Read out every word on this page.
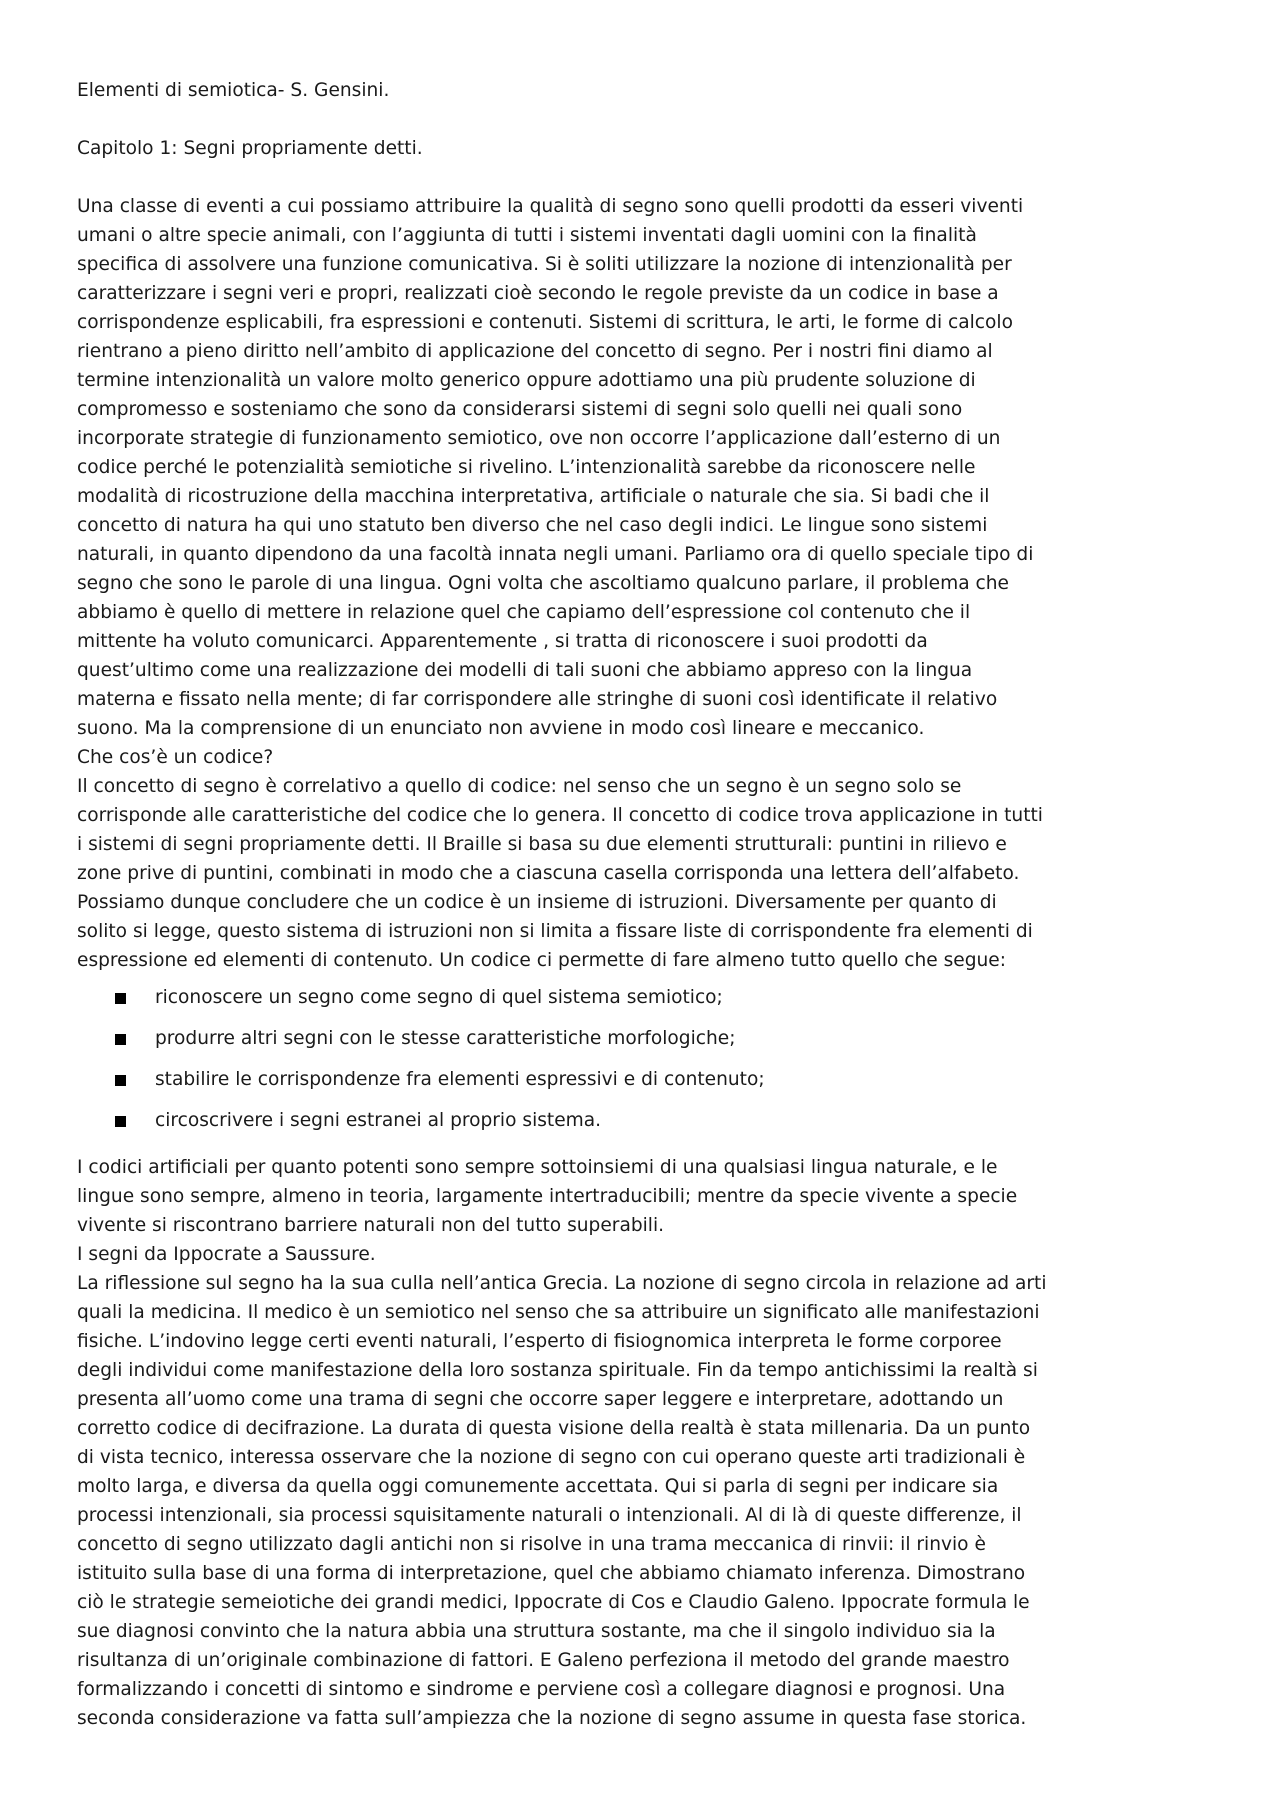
Elementi di semiotica- S. Gensini.
Capitolo 1: Segni propriamente detti.
Una classe di eventi a cui possiamo attribuire la qualità di segno sono quelli prodotti da esseri viventi
umani o altre specie animali, con l’aggiunta di tutti i sistemi inventati dagli uomini con la finalità
specifica di assolvere una funzione comunicativa. Si è soliti utilizzare la nozione di intenzionalità per
caratterizzare i segni veri e propri, realizzati cioè secondo le regole previste da un codice in base a
corrispondenze esplicabili, fra espressioni e contenuti. Sistemi di scrittura, le arti, le forme di calcolo
rientrano a pieno diritto nell’ambito di applicazione del concetto di segno. Per i nostri fini diamo al
termine intenzionalità un valore molto generico oppure adottiamo una più prudente soluzione di
compromesso e sosteniamo che sono da considerarsi sistemi di segni solo quelli nei quali sono
incorporate strategie di funzionamento semiotico, ove non occorre l’applicazione dall’esterno di un
codice perché le potenzialità semiotiche si rivelino. L’intenzionalità sarebbe da riconoscere nelle
modalità di ricostruzione della macchina interpretativa, artificiale o naturale che sia. Si badi che il
concetto di natura ha qui uno statuto ben diverso che nel caso degli indici. Le lingue sono sistemi
naturali, in quanto dipendono da una facoltà innata negli umani. Parliamo ora di quello speciale tipo di
segno che sono le parole di una lingua. Ogni volta che ascoltiamo qualcuno parlare, il problema che
abbiamo è quello di mettere in relazione quel che capiamo dell’espressione col contenuto che il
mittente ha voluto comunicarci. Apparentemente , si tratta di riconoscere i suoi prodotti da
quest’ultimo come una realizzazione dei modelli di tali suoni che abbiamo appreso con la lingua
materna e fissato nella mente; di far corrispondere alle stringhe di suoni così identificate il relativo
suono. Ma la comprensione di un enunciato non avviene in modo così lineare e meccanico.
Che cos’è un codice?
Il concetto di segno è correlativo a quello di codice: nel senso che un segno è un segno solo se
corrisponde alle caratteristiche del codice che lo genera. Il concetto di codice trova applicazione in tutti
i sistemi di segni propriamente detti. Il Braille si basa su due elementi strutturali: puntini in rilievo e
zone prive di puntini, combinati in modo che a ciascuna casella corrisponda una lettera dell’alfabeto.
Possiamo dunque concludere che un codice è un insieme di istruzioni. Diversamente per quanto di
solito si legge, questo sistema di istruzioni non si limita a fissare liste di corrispondente fra elementi di
espressione ed elementi di contenuto. Un codice ci permette di fare almeno tutto quello che segue:
riconoscere un segno come segno di quel sistema semiotico;
produrre altri segni con le stesse caratteristiche morfologiche;
stabilire le corrispondenze fra elementi espressivi e di contenuto;
circoscrivere i segni estranei al proprio sistema.
I codici artificiali per quanto potenti sono sempre sottoinsiemi di una qualsiasi lingua naturale, e le
lingue sono sempre, almeno in teoria, largamente intertraducibili; mentre da specie vivente a specie
vivente si riscontrano barriere naturali non del tutto superabili.
I segni da Ippocrate a Saussure.
La riflessione sul segno ha la sua culla nell’antica Grecia. La nozione di segno circola in relazione ad arti
quali la medicina. Il medico è un semiotico nel senso che sa attribuire un significato alle manifestazioni
fisiche. L’indovino legge certi eventi naturali, l’esperto di fisiognomica interpreta le forme corporee
degli individui come manifestazione della loro sostanza spirituale. Fin da tempo antichissimi la realtà si
presenta all’uomo come una trama di segni che occorre saper leggere e interpretare, adottando un
corretto codice di decifrazione. La durata di questa visione della realtà è stata millenaria. Da un punto
di vista tecnico, interessa osservare che la nozione di segno con cui operano queste arti tradizionali è
molto larga, e diversa da quella oggi comunemente accettata. Qui si parla di segni per indicare sia
processi intenzionali, sia processi squisitamente naturali o intenzionali. Al di là di queste differenze, il
concetto di segno utilizzato dagli antichi non si risolve in una trama meccanica di rinvii: il rinvio è
istituito sulla base di una forma di interpretazione, quel che abbiamo chiamato inferenza. Dimostrano
ciò le strategie semeiotiche dei grandi medici, Ippocrate di Cos e Claudio Galeno. Ippocrate formula le
sue diagnosi convinto che la natura abbia una struttura sostante, ma che il singolo individuo sia la
risultanza di un’originale combinazione di fattori. E Galeno perfeziona il metodo del grande maestro
formalizzando i concetti di sintomo e sindrome e perviene così a collegare diagnosi e prognosi. Una
seconda considerazione va fatta sull’ampiezza che la nozione di segno assume in questa fase storica.
